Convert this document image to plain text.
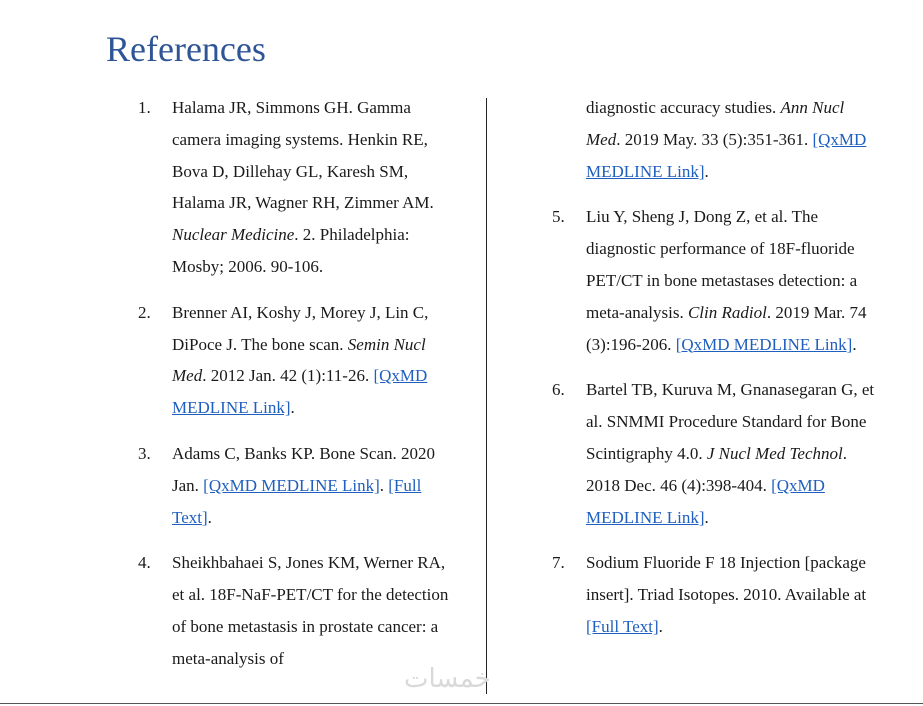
References
1. Halama JR, Simmons GH. Gamma camera imaging systems. Henkin RE, Bova D, Dillehay GL, Karesh SM, Halama JR, Wagner RH, Zimmer AM. Nuclear Medicine. 2. Philadelphia: Mosby; 2006. 90-106.
2. Brenner AI, Koshy J, Morey J, Lin C, DiPoce J. The bone scan. Semin Nucl Med. 2012 Jan. 42 (1):11-26. [QxMD MEDLINE Link].
3. Adams C, Banks KP. Bone Scan. 2020 Jan. [QxMD MEDLINE Link]. [Full Text].
4. Sheikhbahaei S, Jones KM, Werner RA, et al. 18F-NaF-PET/CT for the detection of bone metastasis in prostate cancer: a meta-analysis of
diagnostic accuracy studies. Ann Nucl Med. 2019 May. 33 (5):351-361. [QxMD MEDLINE Link].
5. Liu Y, Sheng J, Dong Z, et al. The diagnostic performance of 18F-fluoride PET/CT in bone metastases detection: a meta-analysis. Clin Radiol. 2019 Mar. 74 (3):196-206. [QxMD MEDLINE Link].
6. Bartel TB, Kuruva M, Gnanasegaran G, et al. SNMMI Procedure Standard for Bone Scintigraphy 4.0. J Nucl Med Technol. 2018 Dec. 46 (4):398-404. [QxMD MEDLINE Link].
7. Sodium Fluoride F 18 Injection [package insert]. Triad Isotopes. 2010. Available at [Full Text].
خمسات
